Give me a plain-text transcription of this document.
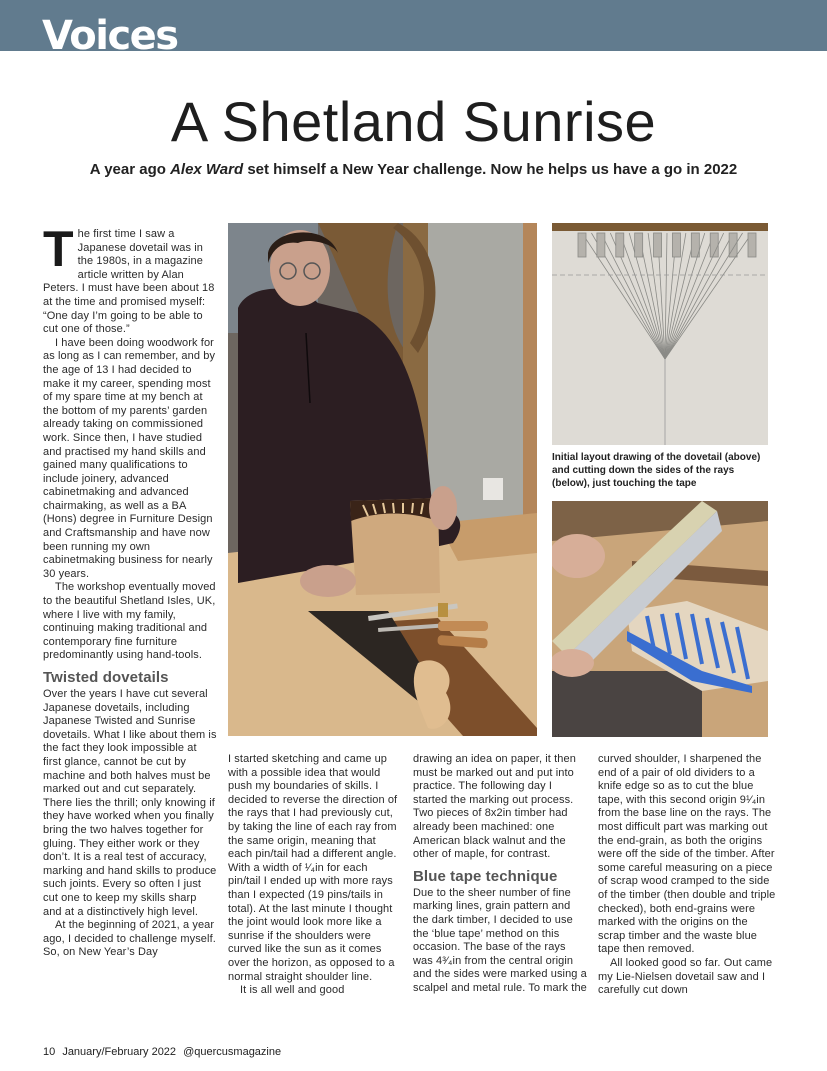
Voices
A Shetland Sunrise
A year ago Alex Ward set himself a New Year challenge. Now he helps us have a go in 2022

The first time I saw a Japanese dovetail was in the 1980s, in a magazine article written by Alan Peters. I must have been about 18 at the time and promised myself: “One day I’m going to be able to cut one of those.”

I have been doing woodwork for as long as I can remember, and by the age of 13 I had decided to make it my career, spending most of my spare time at my bench at the bottom of my parents’ garden already taking on commissioned work. Since then, I have studied and practised my hand skills and gained many qualifications to include joinery, advanced cabinetmaking and advanced chairmaking, as well as a BA (Hons) degree in Furniture Design and Craftsmanship and have now been running my own cabinetmaking business for nearly 30 years.

The workshop eventually moved to the beautiful Shetland Isles, UK, where I live with my family, continuing making traditional and contemporary fine furniture predominantly using hand-tools.

Twisted dovetails

Over the years I have cut several Japanese dovetails, including Japanese Twisted and Sunrise dovetails. What I like about them is the fact they look impossible at first glance, cannot be cut by machine and both halves must be marked out and cut separately. There lies the thrill; only knowing if they have worked when you finally bring the two halves together for gluing. They either work or they don’t. It is a real test of accuracy, marking and hand skills to produce such joints. Every so often I just cut one to keep my skills sharp and at a distinctively high level.

At the beginning of 2021, a year ago, I decided to challenge myself. So, on New Year’s Day

Initial layout drawing of the dovetail (above) and cutting down the sides of the rays (below), just touching the tape

I started sketching and came up with a possible idea that would push my boundaries of skills. I decided to reverse the direction of the rays that I had previously cut, by taking the line of each ray from the same origin, meaning that each pin/tail had a different angle. With a width of ¹⁄₄in for each pin/tail I ended up with more rays than I expected (19 pins/tails in total). At the last minute I thought the joint would look more like a sunrise if the shoulders were curved like the sun as it comes over the horizon, as opposed to a normal straight shoulder line.

It is all well and good

drawing an idea on paper, it then must be marked out and put into practice. The following day I started the marking out process. Two pieces of 8x2in timber had already been machined: one American black walnut and the other of maple, for contrast.

Blue tape technique

Due to the sheer number of fine marking lines, grain pattern and the dark timber, I decided to use the ‘blue tape’ method on this occasion. The base of the rays was 4³⁄₄in from the central origin and the sides were marked using a scalpel and metal rule. To mark the

curved shoulder, I sharpened the end of a pair of old dividers to a knife edge so as to cut the blue tape, with this second origin 9¹⁄₄in from the base line on the rays. The most difficult part was marking out the end-grain, as both the origins were off the side of the timber. After some careful measuring on a piece of scrap wood cramped to the side of the timber (then double and triple checked), both end-grains were marked with the origins on the scrap timber and the waste blue tape then removed.

All looked good so far. Out came my Lie-Nielsen dovetail saw and I carefully cut down

10 January/February 2022 @quercusmagazine
